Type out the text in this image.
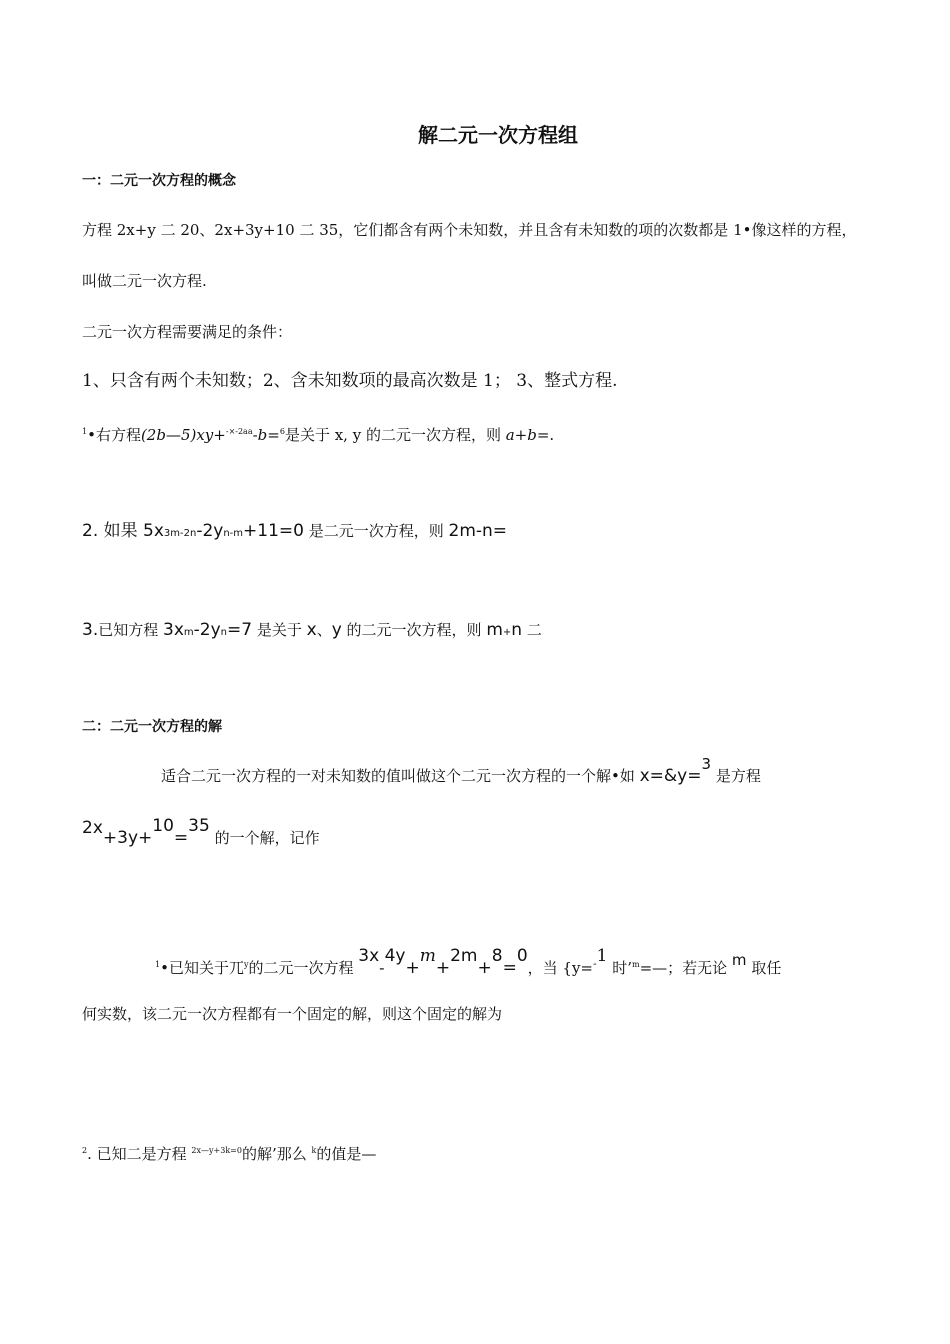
解二元一次方程组
一：二元一次方程的概念
方程 2x+y 二 20、2x+3y+10 二 35，它们都含有两个未知数，并且含有未知数的项的次数都是 1•像这样的方程，
叫做二元一次方程.
二元一次方程需要满足的条件：
1、只含有两个未知数；2、含未知数项的最高次数是 1； 3、整式方程.
$^1$•右方程(2b—5)xy+$^{-\times-2aa}$-b=$^6$是关于 x, y 的二元一次方程，则 a+b=.
2. 如果 5x3m-2n-2yn-m+11=0 是二元一次方程，则 2m-n=
3.已知方程 3xm-2yn=7 是关于 x、y 的二元一次方程，则 m+n 二
二：二元一次方程的解
适合二元一次方程的一对未知数的值叫做这个二元一次方程的一个解•如 x=&y=3 是方程
2x+3y+10=35 的一个解，记作
$^1$•已知关于兀$^y$的二元一次方程 3x-4y+m+2m+8=0，当 {y=-1 时’$^m$=—；若无论 m 取任
何实数，该二元一次方程都有一个固定的解，则这个固定的解为
$^2$. 已知二是方程 $^{2x—y+3k=0}$的解’那么 $^k$的值是—
